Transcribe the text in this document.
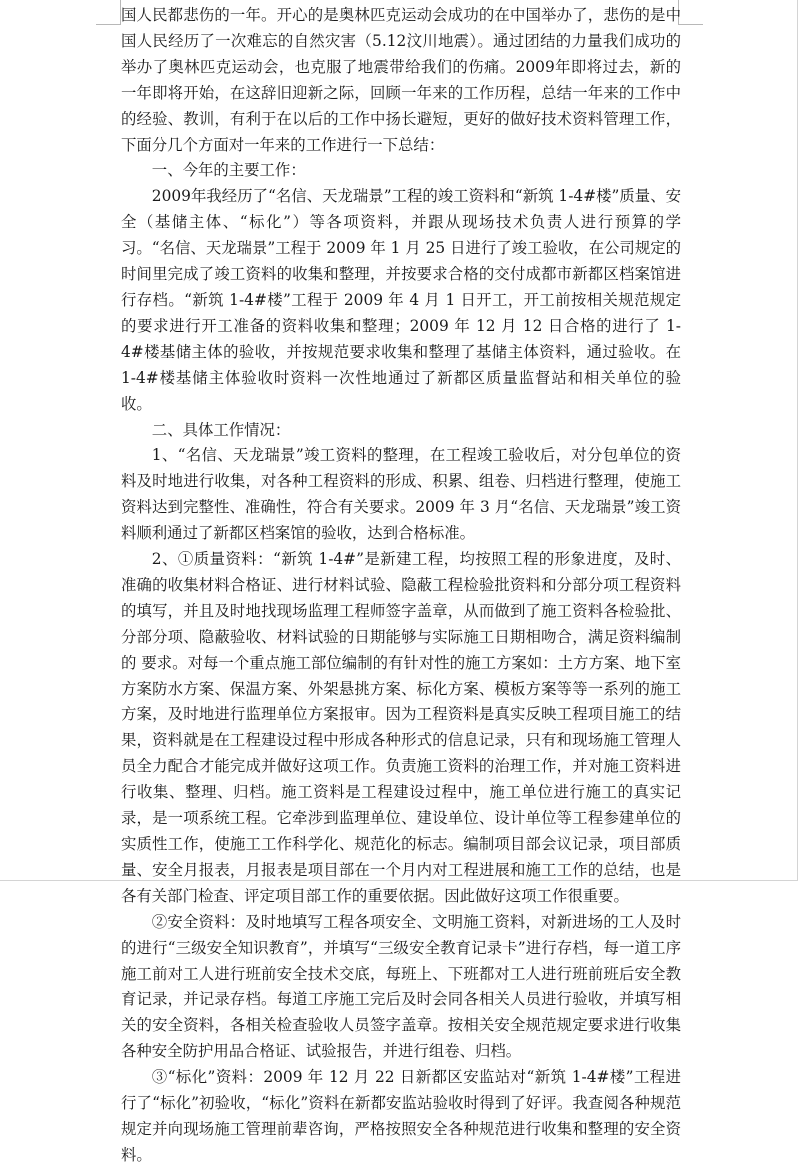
国人民都悲伤的一年。开心的是奥林匹克运动会成功的在中国举办了，悲伤的是中国人民经历了一次难忘的自然灾害（5.12汶川地震）。通过团结的力量我们成功的举办了奥林匹克运动会，也克服了地震带给我们的伤痛。2009年即将过去，新的一年即将开始，在这辞旧迎新之际，回顾一年来的工作历程，总结一年来的工作中的经验、教训，有利于在以后的工作中扬长避短，更好的做好技术资料管理工作，下面分几个方面对一年来的工作进行一下总结：

一、今年的主要工作：

2009年我经历了“名信、天龙瑞景”工程的竣工资料和“新筑 1-4#楼”质量、安全（基储主体、“标化”）等各项资料，并跟从现场技术负责人进行预算的学习。“名信、天龙瑞景”工程于 2009 年 1 月 25 日进行了竣工验收，在公司规定的时间里完成了竣工资料的收集和整理，并按要求合格的交付成都市新都区档案馆进行存档。“新筑 1-4#楼”工程于 2009 年 4 月 1 日开工，开工前按相关规范规定的要求进行开工准备的资料收集和整理；2009 年 12 月 12 日合格的进行了 1-4#楼基储主体的验收，并按规范要求收集和整理了基储主体资料，通过验收。在 1-4#楼基储主体验收时资料一次性地通过了新都区质量监督站和相关单位的验收。

二、具体工作情况：

1、“名信、天龙瑞景”竣工资料的整理，在工程竣工验收后，对分包单位的资料及时地进行收集，对各种工程资料的形成、积累、组卷、归档进行整理，使施工资料达到完整性、准确性，符合有关要求。2009 年 3 月“名信、天龙瑞景”竣工资料顺利通过了新都区档案馆的验收，达到合格标准。

2、①质量资料：“新筑 1-4#”是新建工程，均按照工程的形象进度，及时、准确的收集材料合格证、进行材料试验、隐蔽工程检验批资料和分部分项工程资料的填写，并且及时地找现场监理工程师签字盖章，从而做到了施工资料各检验批、分部分项、隐蔽验收、材料试验的日期能够与实际施工日期相吻合，满足资料编制的 要求。对每一个重点施工部位编制的有针对性的施工方案如：土方方案、地下室方案防水方案、保温方案、外架悬挑方案、标化方案、模板方案等等一系列的施工方案，及时地进行监理单位方案报审。因为工程资料是真实反映工程项目施工的结果，资料就是在工程建设过程中形成各种形式的信息记录，只有和现场施工管理人员全力配合才能完成并做好这项工作。负责施工资料的治理工作，并对施工资料进行收集、整理、归档。施工资料是工程建设过程中，施工单位进行施工的真实记录，是一项系统工程。它牵涉到监理单位、建设单位、设计单位等工程参建单位的实质性工作，使施工工作科学化、规范化的标志。编制项目部会议记录，项目部质量、安全月报表，月报表是项目部在一个月内对工程进展和施工工作的总结，也是各有关部门检查、评定项目部工作的重要依据。因此做好这项工作很重要。

②安全资料：及时地填写工程各项安全、文明施工资料，对新进场的工人及时的进行“三级安全知识教育”，并填写“三级安全教育记录卡”进行存档，每一道工序施工前对工人进行班前安全技术交底，每班上、下班都对工人进行班前班后安全教育记录，并记录存档。每道工序施工完后及时会同各相关人员进行验收，并填写相关的安全资料，各相关检查验收人员签字盖章。按相关安全规范规定要求进行收集各种安全防护用品合格证、试验报告，并进行组卷、归档。

③“标化”资料：2009 年 12 月 22 日新都区安监站对“新筑 1-4#楼”工程进行了“标化”初验收，“标化”资料在新都安监站验收时得到了好评。我查阅各种规范规定并向现场施工管理前辈咨询，严格按照安全各种规范进行收集和整理的安全资料。
